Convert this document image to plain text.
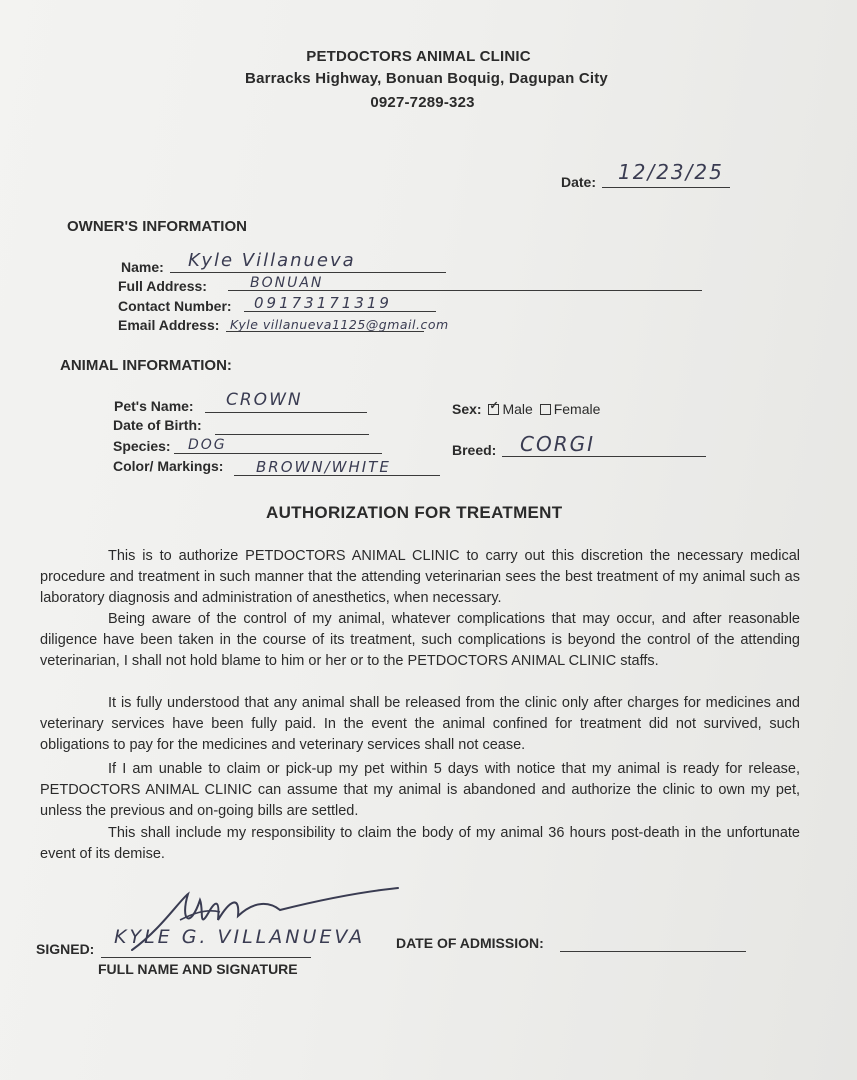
PETDOCTORS ANIMAL CLINIC
Barracks Highway, Bonuan Boquig, Dagupan City
0927-7289-323
Date: 12/23/25
OWNER'S INFORMATION
Name: Kyle Villanueva
Full Address:	BONUAN
Contact Number: 09173171319
Email Address: Kyle villanueva1125@gmail.com
ANIMAL INFORMATION:
Pet's Name: CROWN
Date of Birth:
Species: DOG
Color/ Markings: BROWN/WHITE
Sex: ✓ Male Female
Breed: CORGI
AUTHORIZATION FOR TREATMENT
This is to authorize PETDOCTORS ANIMAL CLINIC to carry out this discretion the necessary medical procedure and treatment in such manner that the attending veterinarian sees the best treatment of my animal such as laboratory diagnosis and administration of anesthetics, when necessary.
Being aware of the control of my animal, whatever complications that may occur, and after reasonable diligence have been taken in the course of its treatment, such complications is beyond the control of the attending veterinarian, I shall not hold blame to him or her or to the PETDOCTORS ANIMAL CLINIC staffs.
It is fully understood that any animal shall be released from the clinic only after charges for medicines and veterinary services have been fully paid. In the event the animal confined for treatment did not survived, such obligations to pay for the medicines and veterinary services shall not cease.
If I am unable to claim or pick-up my pet within 5 days with notice that my animal is ready for release, PETDOCTORS ANIMAL CLINIC can assume that my animal is abandoned and authorize the clinic to own my pet, unless the previous and on-going bills are settled.
This shall include my responsibility to claim the body of my animal 36 hours post-death in the unfortunate event of its demise.
SIGNED:
KYLE G. VILLANUEVA
FULL NAME AND SIGNATURE
DATE OF ADMISSION:
